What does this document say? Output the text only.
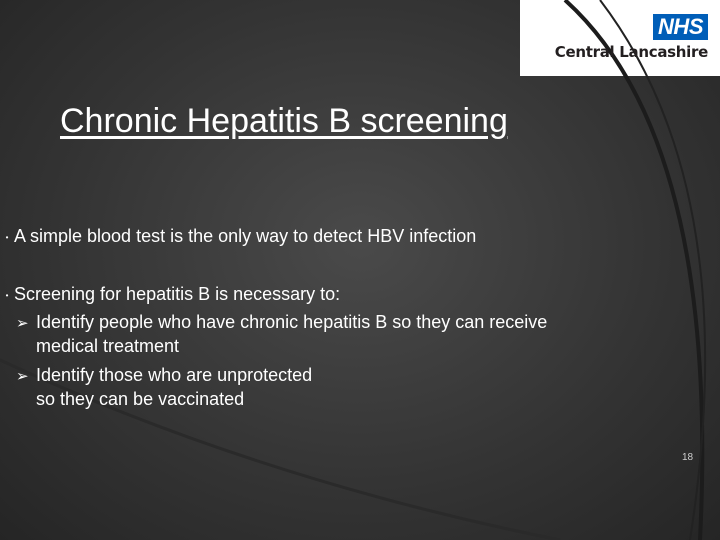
NHS
Central Lancashire
Chronic Hepatitis B screening
• A simple blood test is the only way to detect HBV infection
• Screening for hepatitis B is necessary to:
➢ Identify people who have chronic hepatitis B so they can receive
medical treatment
➢ Identify those who are unprotected
so they can be vaccinated
18
